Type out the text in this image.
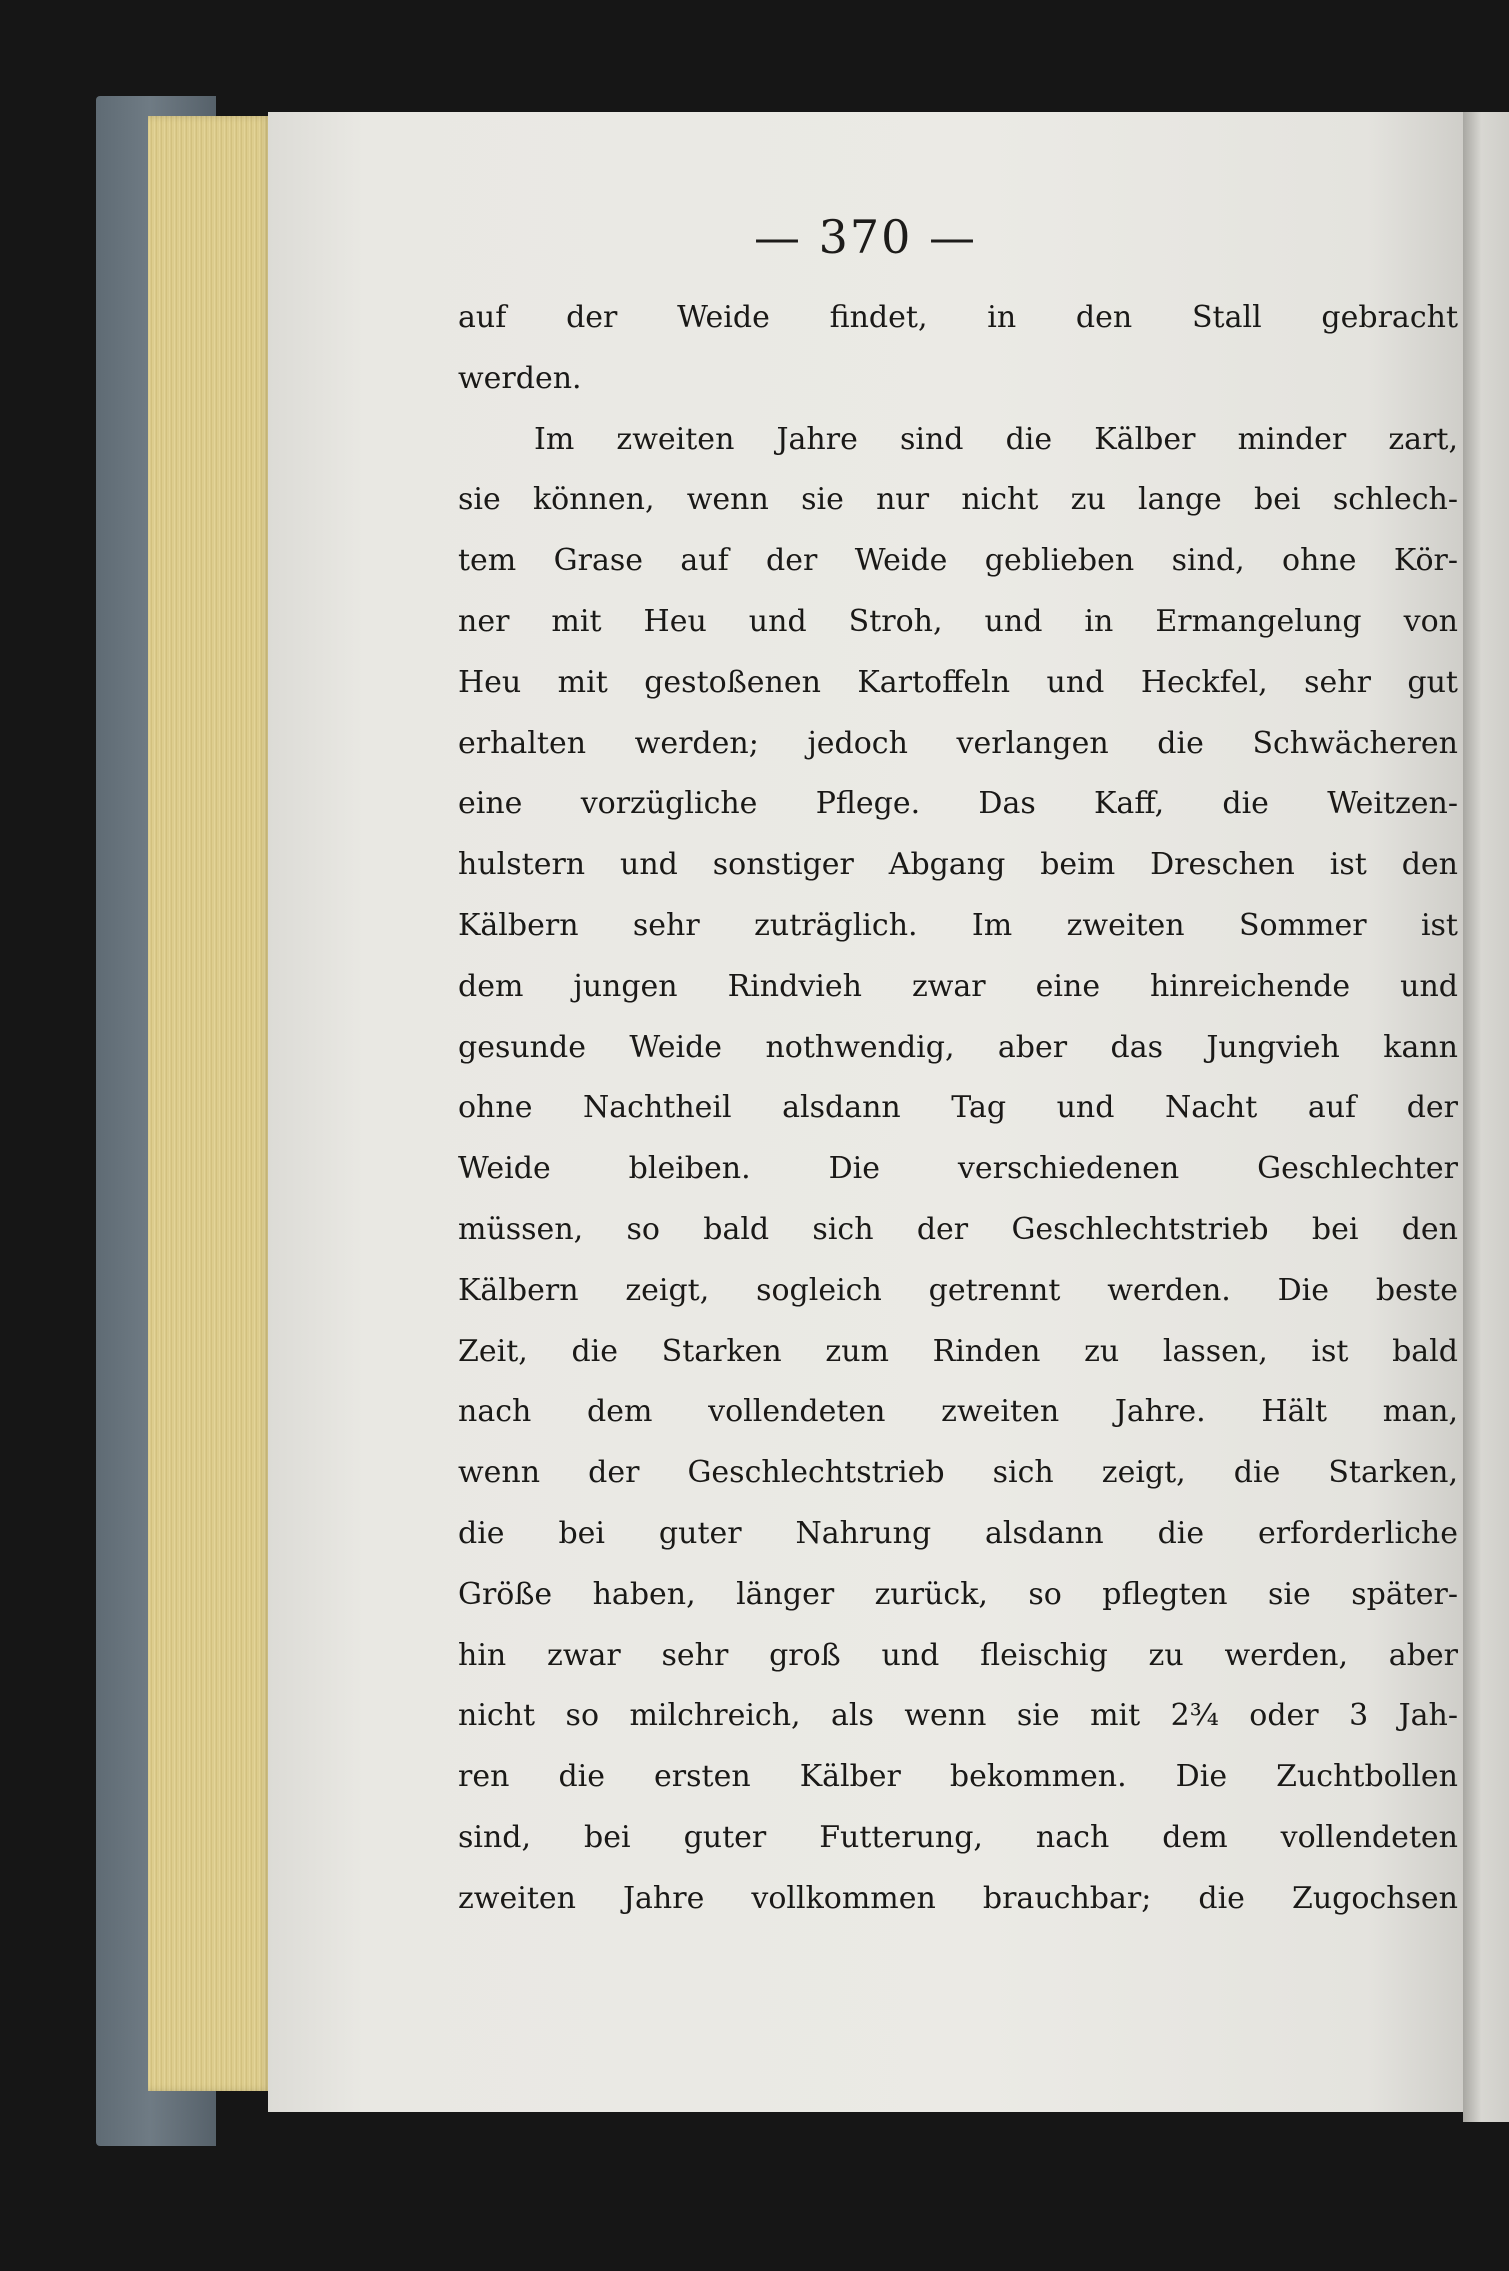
— 370 —
auf der Weide findet, in den Stall gebracht
werden.
Im zweiten Jahre sind die Kälber minder zart,
sie können, wenn sie nur nicht zu lange bei schlech-
tem Grase auf der Weide geblieben sind, ohne Kör-
ner mit Heu und Stroh, und in Ermangelung von
Heu mit gestoßenen Kartoffeln und Heckfel, sehr gut
erhalten werden; jedoch verlangen die Schwächeren
eine vorzügliche Pflege. Das Kaff, die Weitzen-
hulstern und sonstiger Abgang beim Dreschen ist den
Kälbern sehr zuträglich. Im zweiten Sommer ist
dem jungen Rindvieh zwar eine hinreichende und
gesunde Weide nothwendig, aber das Jungvieh kann
ohne Nachtheil alsdann Tag und Nacht auf der
Weide bleiben. Die verschiedenen Geschlechter
müssen, so bald sich der Geschlechtstrieb bei den
Kälbern zeigt, sogleich getrennt werden. Die beste
Zeit, die Starken zum Rinden zu lassen, ist bald
nach dem vollendeten zweiten Jahre. Hält man,
wenn der Geschlechtstrieb sich zeigt, die Starken,
die bei guter Nahrung alsdann die erforderliche
Größe haben, länger zurück, so pflegten sie später-
hin zwar sehr groß und fleischig zu werden, aber
nicht so milchreich, als wenn sie mit 2¾ oder 3 Jah-
ren die ersten Kälber bekommen. Die Zuchtbollen
sind, bei guter Futterung, nach dem vollendeten
zweiten Jahre vollkommen brauchbar; die Zugochsen
